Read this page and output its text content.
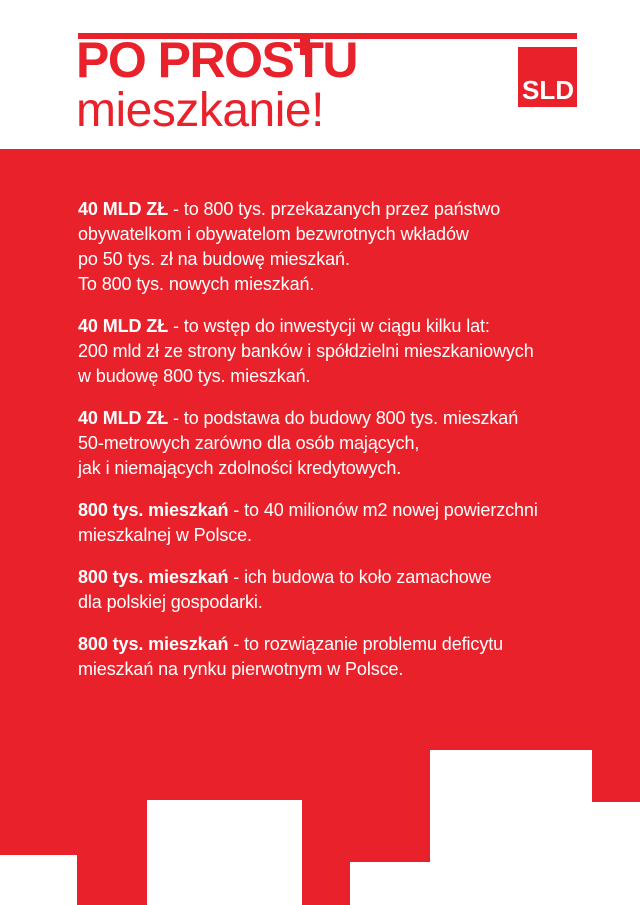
PO PROSTU
mieszkanie!	SLD
40 MLD ZŁ - to 800 tys. przekazanych przez państwo
obywatelkom i obywatelom bezwrotnych wkładów
po 50 tys. zł na budowę mieszkań.
To 800 tys. nowych mieszkań.
40 MLD ZŁ - to wstęp do inwestycji w ciągu kilku lat:
200 mld zł ze strony banków i spółdzielni mieszkaniowych
w budowę 800 tys. mieszkań.
40 MLD ZŁ - to podstawa do budowy 800 tys. mieszkań
50-metrowych zarówno dla osób mających,
jak i niemających zdolności kredytowych.
800 tys. mieszkań - to 40 milionów m2 nowej powierzchni
mieszkalnej w Polsce.
800 tys. mieszkań - ich budowa to koło zamachowe
dla polskiej gospodarki.
800 tys. mieszkań - to rozwiązanie problemu deficytu
mieszkań na rynku pierwotnym w Polsce.
